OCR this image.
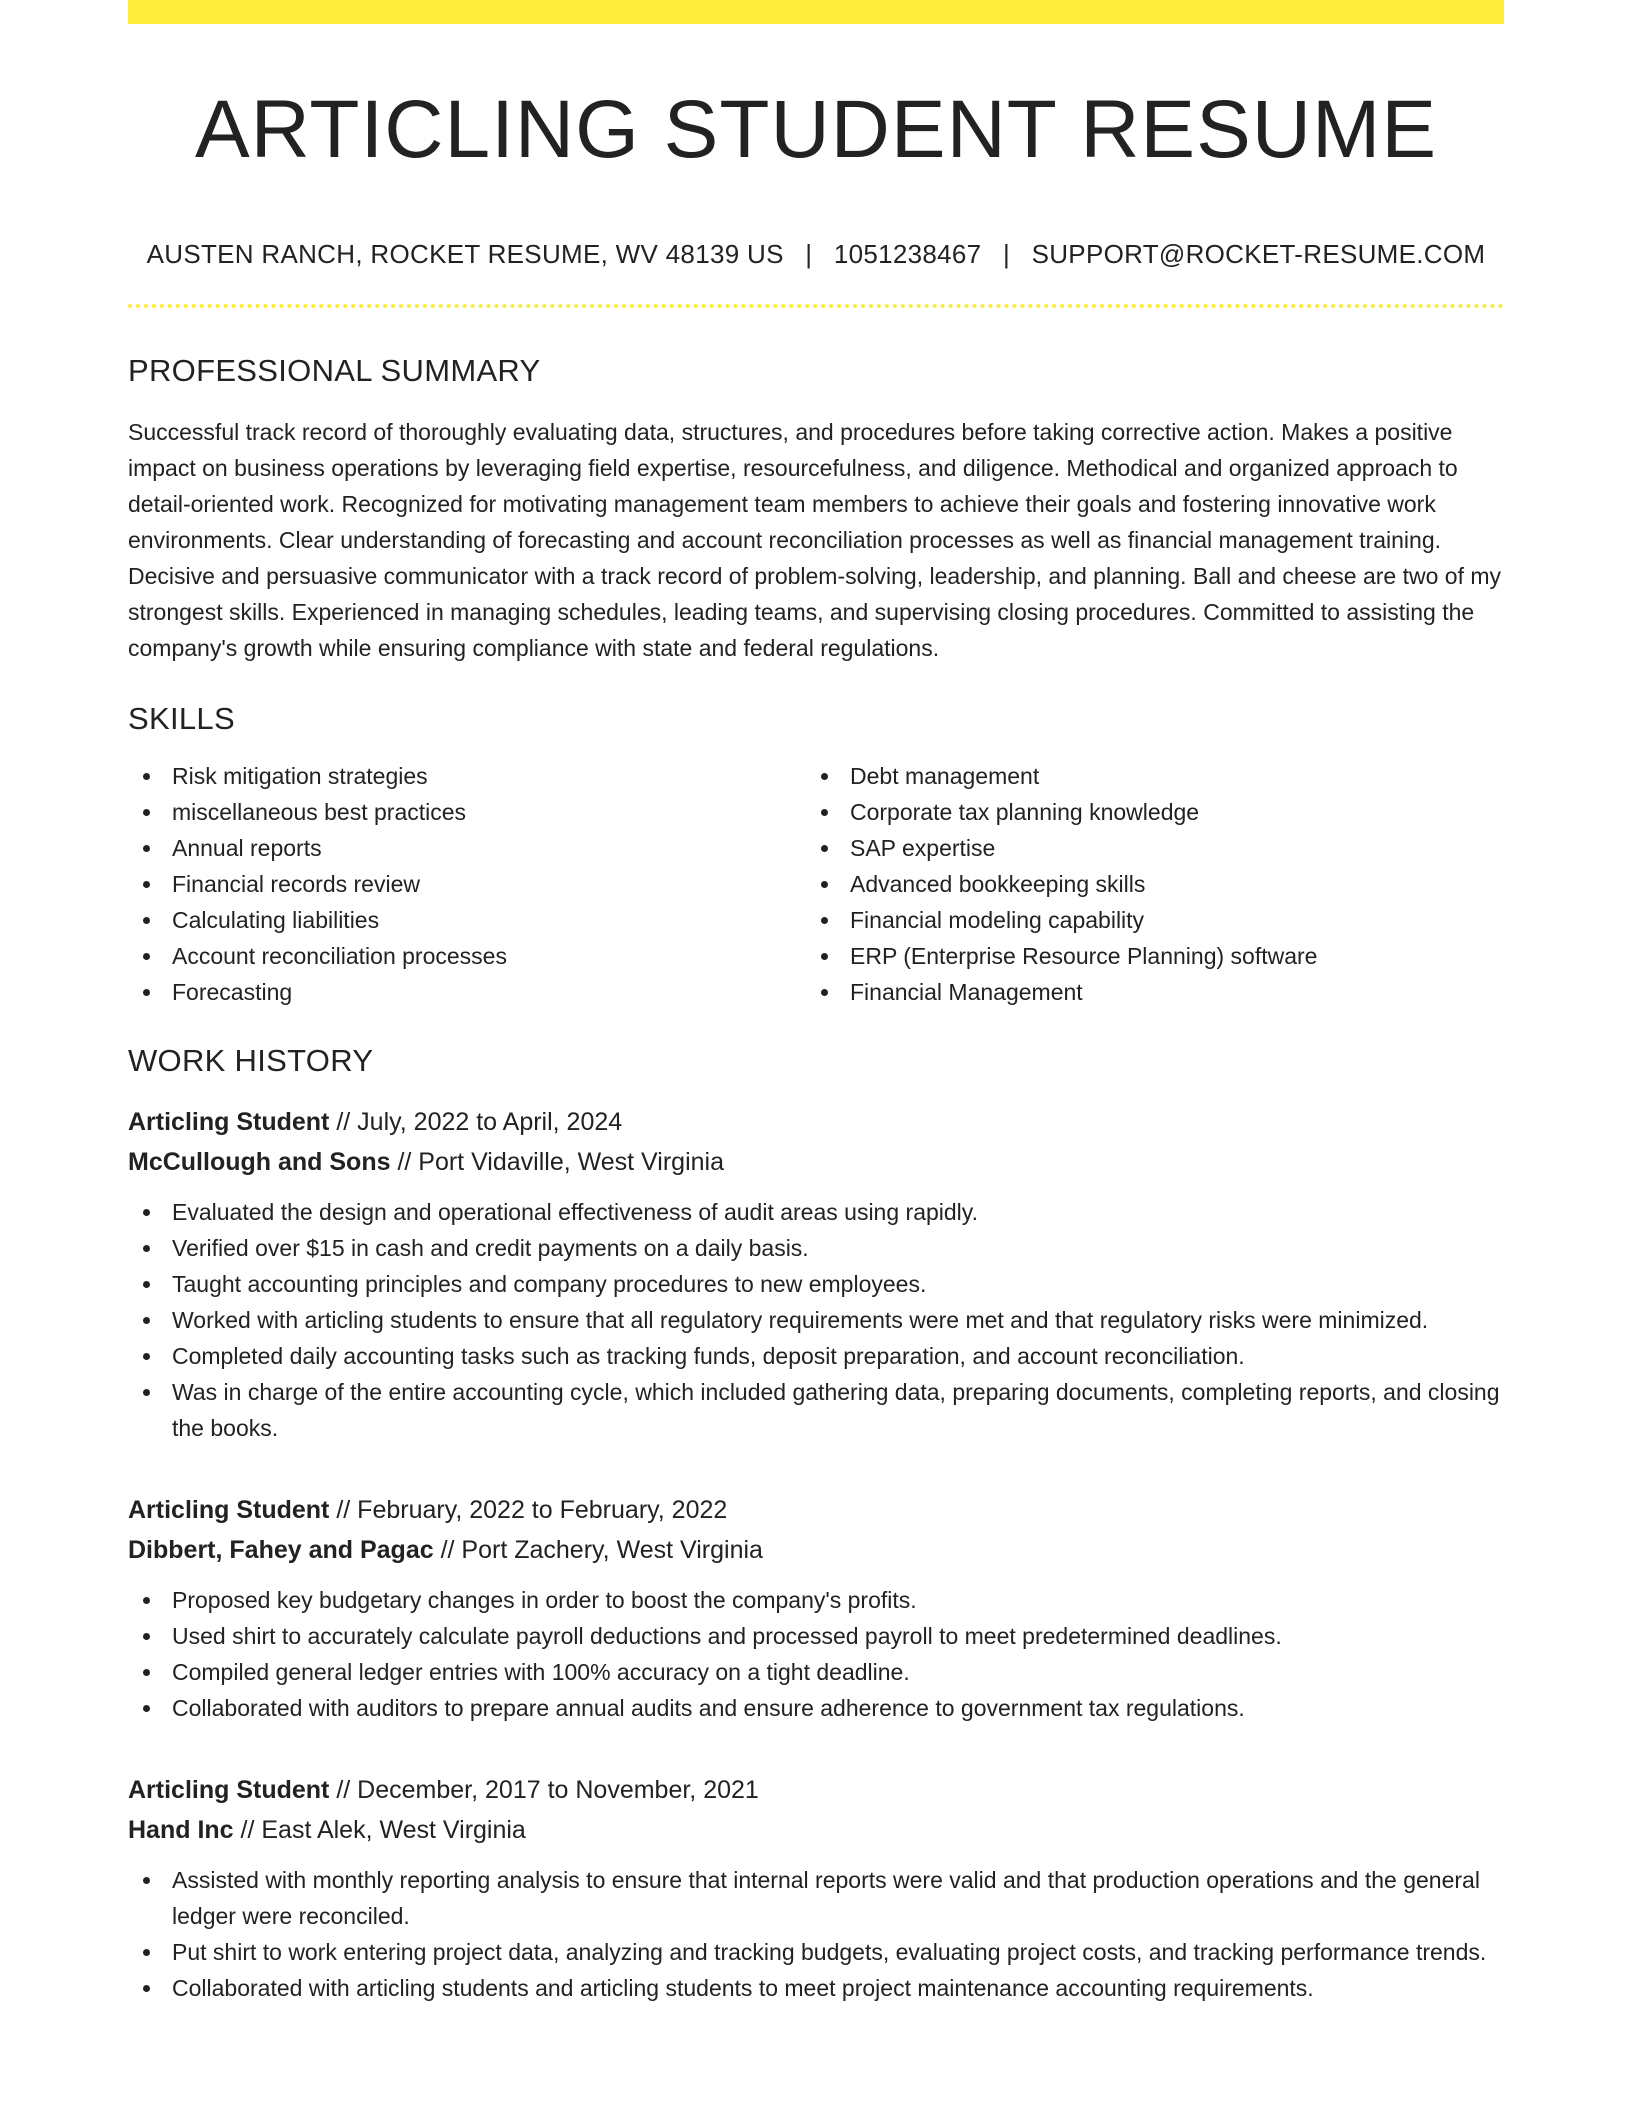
ARTICLING STUDENT RESUME
AUSTEN RANCH, ROCKET RESUME, WV 48139 US | 1051238467 | SUPPORT@ROCKET-RESUME.COM
PROFESSIONAL SUMMARY

Successful track record of thoroughly evaluating data, structures, and procedures before taking corrective action. Makes a positive impact on business operations by leveraging field expertise, resourcefulness, and diligence. Methodical and organized approach to detail-oriented work. Recognized for motivating management team members to achieve their goals and fostering innovative work environments. Clear understanding of forecasting and account reconciliation processes as well as financial management training. Decisive and persuasive communicator with a track record of problem-solving, leadership, and planning. Ball and cheese are two of my strongest skills. Experienced in managing schedules, leading teams, and supervising closing procedures. Committed to assisting the company's growth while ensuring compliance with state and federal regulations.

SKILLS
Risk mitigation strategies
miscellaneous best practices
Annual reports
Financial records review
Calculating liabilities
Account reconciliation processes
Forecasting
Debt management
Corporate tax planning knowledge
SAP expertise
Advanced bookkeeping skills
Financial modeling capability
ERP (Enterprise Resource Planning) software
Financial Management
WORK HISTORY
Articling Student // July, 2022 to April, 2024
McCullough and Sons // Port Vidaville, West Virginia
Evaluated the design and operational effectiveness of audit areas using rapidly.
Verified over $15 in cash and credit payments on a daily basis.
Taught accounting principles and company procedures to new employees.
Worked with articling students to ensure that all regulatory requirements were met and that regulatory risks were minimized.
Completed daily accounting tasks such as tracking funds, deposit preparation, and account reconciliation.
Was in charge of the entire accounting cycle, which included gathering data, preparing documents, completing reports, and closing the books.
Articling Student // February, 2022 to February, 2022
Dibbert, Fahey and Pagac // Port Zachery, West Virginia
Proposed key budgetary changes in order to boost the company's profits.
Used shirt to accurately calculate payroll deductions and processed payroll to meet predetermined deadlines.
Compiled general ledger entries with 100% accuracy on a tight deadline.
Collaborated with auditors to prepare annual audits and ensure adherence to government tax regulations.
Articling Student // December, 2017 to November, 2021
Hand Inc // East Alek, West Virginia
Assisted with monthly reporting analysis to ensure that internal reports were valid and that production operations and the general ledger were reconciled.
Put shirt to work entering project data, analyzing and tracking budgets, evaluating project costs, and tracking performance trends.
Collaborated with articling students and articling students to meet project maintenance accounting requirements.
